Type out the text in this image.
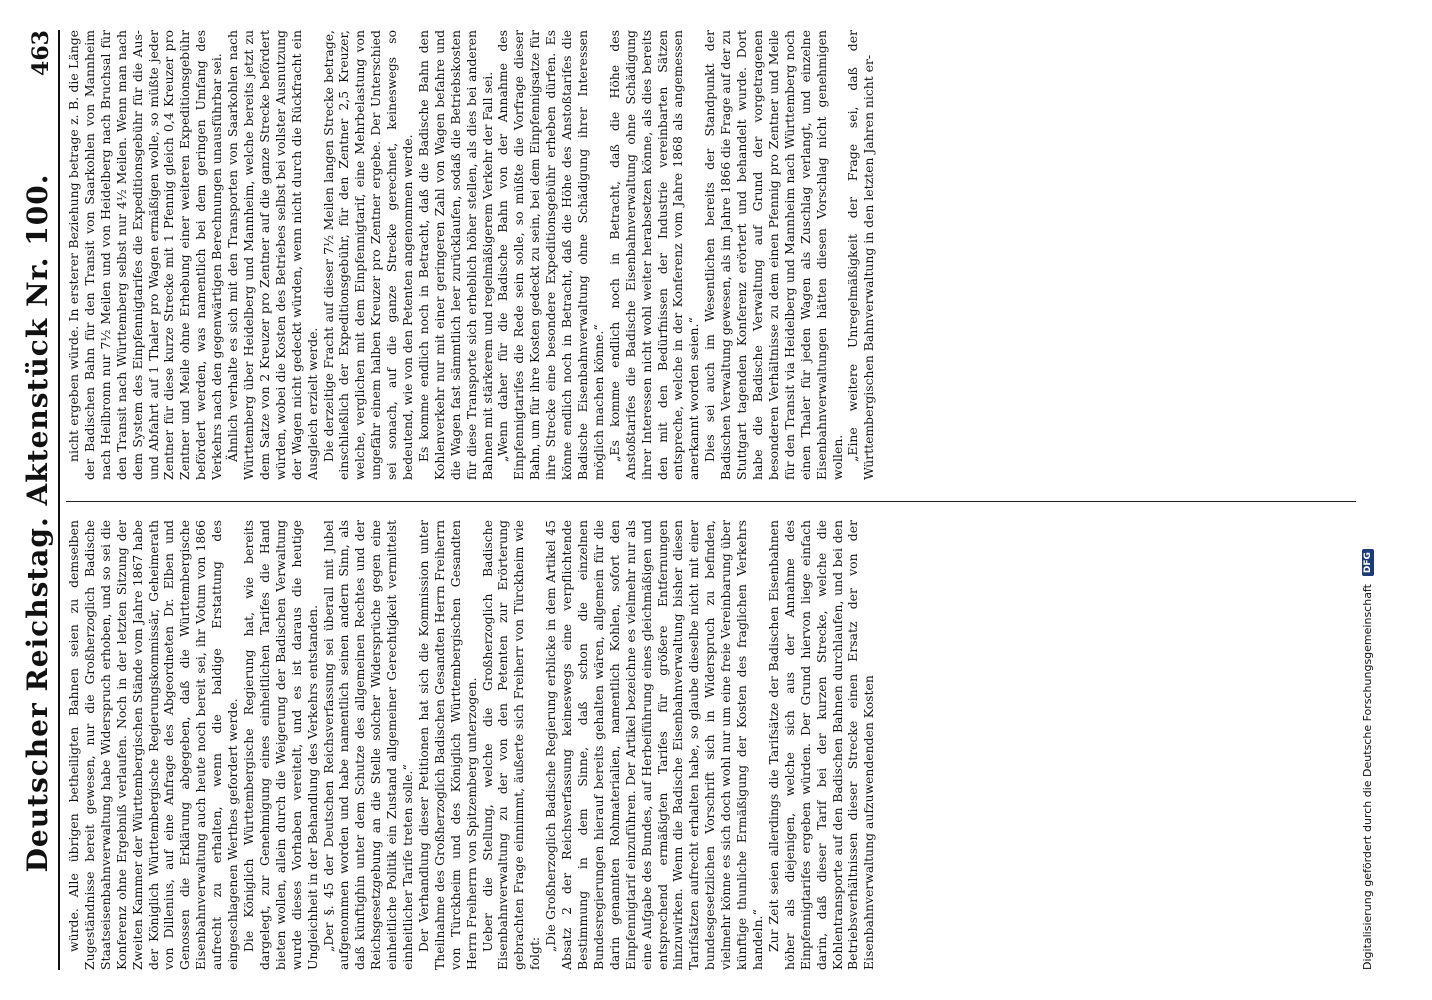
Deutscher Reichstag. Aktenstück Nr. 100.
463

würde. Alle übrigen betheiligten Bahnen seien zu demselben Zugeständnisse bereit gewesen, nur die Großherzoglich Badische Staatseisenbahnverwaltung habe Widerspruch erhoben, und so sei die Konferenz ohne Ergebniß verlaufen. Noch in der letzten Sitzung der Zweiten Kammer der Württembergischen Stände vom Jahre 1867 habe der Königlich Württembergische Regierungskommissär, Geheimerath von Dillenius, auf eine Anfrage des Abgeordneten Dr. Elben und Genossen die Erklärung abgegeben, daß die Württembergische Eisenbahnverwaltung auch heute noch bereit sei, ihr Votum von 1866 aufrecht zu erhalten, wenn die baldige Erstattung des eingeschlagenen Werthes gefordert werde. Die Königlich Württembergische Regierung hat, wie bereits dargelegt, zur Genehmigung eines einheitlichen Tarifes die Hand bieten wollen, allein durch die Weigerung der Badischen Verwaltung wurde dieses Vorhaben vereitelt, und es ist daraus die heutige Ungleichheit in der Behandlung des Verkehrs entstanden. „Der §. 45 der Deutschen Reichsverfassung sei überall mit Jubel aufgenommen worden und habe namentlich seinen andern Sinn, als daß künftighin unter dem Schutze des allgemeinen Rechtes und der Reichsgesetzgebung an die Stelle solcher Widersprüche gegen eine einheitliche Politik ein Zustand allgemeiner Gerechtigkeit vermittelst einheitlicher Tarife treten solle.“ Der Verhandlung dieser Petitionen hat sich die Kommission unter Theilnahme des Großherzoglich Badischen Gesandten Herrn Freiherrn von Türckheim und des Königlich Württembergischen Gesandten Herrn Freiherrn von Spitzemberg unterzogen. Ueber die Stellung, welche die Großherzoglich Badische Eisenbahnverwaltung zu der von den Petenten zur Erörterung gebrachten Frage einnimmt, äußerte sich Freiherr von Türckheim wie folgt:

„Die Großherzoglich Badische Regierung erblicke in dem Artikel 45 Absatz 2 der Reichsverfassung keineswegs eine verpflichtende Bestimmung in dem Sinne, daß schon die einzelnen Bundesregierungen hierauf bereits gehalten wären, allgemein für die darin genannten Rohmaterialien, namentlich Kohlen, sofort den Einpfennigtarif einzuführen. Der Artikel bezeichne es vielmehr nur als eine Aufgabe des Bundes, auf Herbeiführung eines gleichmäßigen und entsprechend ermäßigten Tarifes für größere Entfernungen hinzuwirken. Wenn die Badische Eisenbahnverwaltung bisher diesen Tarifsätzen aufrecht erhalten habe, so glaube dieselbe nicht mit einer bundesgesetzlichen Vorschrift sich in Widerspruch zu befinden, vielmehr könne es sich doch wohl nur um eine freie Vereinbarung über künftige thunliche Ermäßigung der Kosten des fraglichen Verkehrs handeln.“ Zur Zeit seien allerdings die Tarifsätze der Badischen Eisenbahnen höher als diejenigen, welche sich aus der Annahme des Einpfennigtarifes ergeben würden. Der Grund hiervon liege einfach darin, daß dieser Tarif bei der kurzen Strecke, welche die Kohlentransporte auf den Badischen Bahnen durchlaufen, und bei den Betriebsverhältnissen dieser Strecke einen Ersatz der von der Eisenbahnverwaltung aufzuwendenden Kosten

nicht ergeben würde. In ersterer Beziehung betrage z. B. die Länge der Badischen Bahn für den Transit von Saarkohlen von Mannheim nach Heilbronn nur 7½ Meilen und von Heidelberg nach Bruchsal für den Transit nach Württemberg selbst nur 4½ Meilen. Wenn man nach dem System des Einpfennigtarifes die Expeditionsgebühr für die Aus- und Abfahrt auf 1 Thaler pro Wagen ermäßigen wolle, so müßte jeder Zentner für diese kurze Strecke mit 1 Pfennig gleich 0,4 Kreuzer pro Zentner und Meile ohne Erhebung einer weiteren Expeditionsgebühr befördert werden, was namentlich bei dem geringen Umfang des Verkehrs nach den gegenwärtigen Berechnungen unausführbar sei. Ähnlich verhalte es sich mit den Transporten von Saarkohlen nach Württemberg über Heidelberg und Mannheim, welche bereits jetzt zu dem Satze von 2 Kreuzer pro Zentner auf die ganze Strecke befördert würden, wobei die Kosten des Betriebes selbst bei vollster Ausnutzung der Wagen nicht gedeckt würden, wenn nicht durch die Rückfracht ein Ausgleich erzielt werde. Die derzeitige Fracht auf dieser 7½ Meilen langen Strecke betrage, einschließlich der Expeditionsgebühr, für den Zentner 2,5 Kreuzer, welche, verglichen mit dem Einpfennigtarif, eine Mehrbelastung von ungefähr einem halben Kreuzer pro Zentner ergebe. Der Unterschied sei sonach, auf die ganze Strecke gerechnet, keineswegs so bedeutend, wie von den Petenten angenommen werde. Es komme endlich noch in Betracht, daß die Badische Bahn den Kohlenverkehr nur mit einer geringeren Zahl von Wagen befahre und die Wagen fast sämmtlich leer zurücklaufen, sodaß die Betriebskosten für diese Transporte sich erheblich höher stellen, als dies bei anderen Bahnen mit stärkerem und regelmäßigerem Verkehr der Fall sei. „Wenn daher für die Badische Bahn von der Annahme des Einpfennigtarifes die Rede sein solle, so müßte die Vorfrage dieser Bahn, um für ihre Kosten gedeckt zu sein, bei dem Einpfennigsatze für ihre Strecke eine besondere Expeditionsgebühr erheben dürfen. Es könne endlich noch in Betracht, daß die Höhe des Anstoßtarifes die Badische Eisenbahnverwaltung ohne Schädigung ihrer Interessen möglich machen könne.“ „Es komme endlich noch in Betracht, daß die Höhe des Anstoßtarifes die Badische Eisenbahnverwaltung ohne Schädigung ihrer Interessen nicht wohl weiter herabsetzen könne, als dies bereits den mit den Bedürfnissen der Industrie vereinbarten Sätzen entspreche, welche in der Konferenz vom Jahre 1868 als angemessen anerkannt worden seien.“ Dies sei auch im Wesentlichen bereits der Standpunkt der Badischen Verwaltung gewesen, als im Jahre 1866 die Frage auf der zu Stuttgart tagenden Konferenz erörtert und behandelt wurde. Dort habe die Badische Verwaltung auf Grund der vorgetragenen besonderen Verhältnisse zu dem einen Pfennig pro Zentner und Meile für den Transit via Heidelberg und Mannheim nach Württemberg noch einen Thaler für jeden Wagen als Zuschlag verlangt, und einzelne Eisenbahnverwaltungen hätten diesen Vorschlag nicht genehmigen wollen. „Eine weitere Unregelmäßigkeit der Frage sei, daß der Württembergischen Bahnverwaltung in den letzten Jahren nicht er-

Digitalisierung gefördert durch die Deutsche Forschungsgemeinschaft
DFG
